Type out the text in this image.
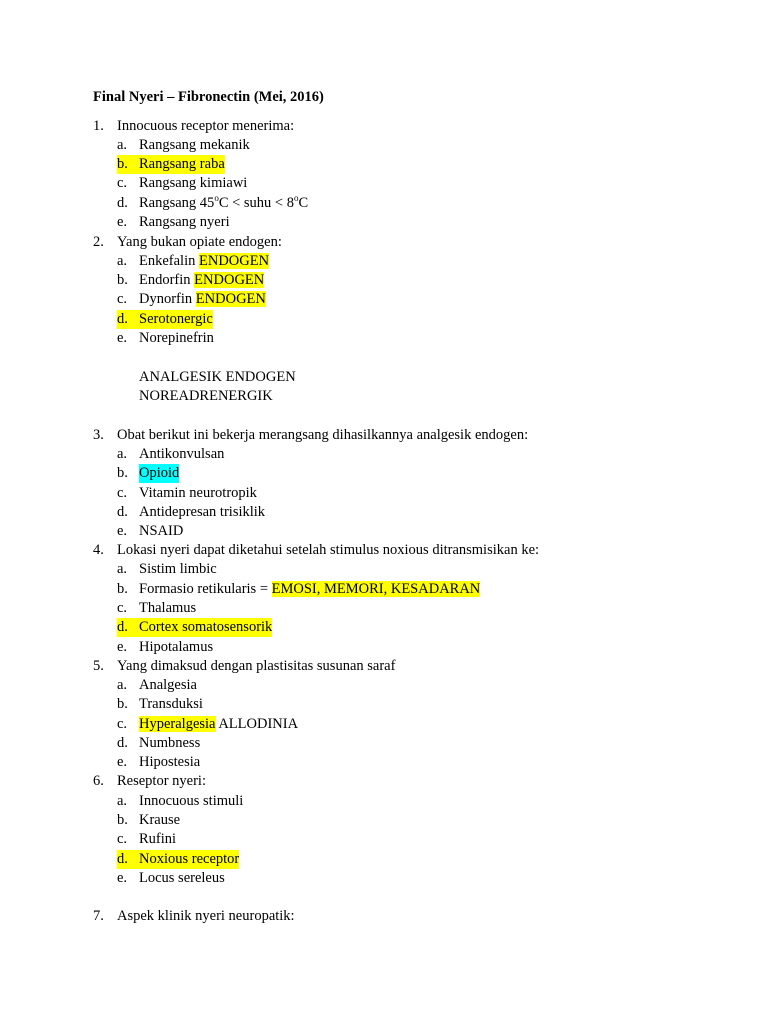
Final Nyeri – Fibronectin (Mei, 2016)
1. Innocuous receptor menerima:
a. Rangsang mekanik
b. Rangsang raba
c. Rangsang kimiawi
d. Rangsang $45^oC$ < suhu < $8^oC$
e. Rangsang nyeri
2. Yang bukan opiate endogen:
a. Enkefalin ENDOGEN
b. Endorfin ENDOGEN
c. Dynorfin ENDOGEN
d. Serotonergic
e. Norepinefrin
ANALGESIK ENDOGEN
NOREADRENERGIK
3. Obat berikut ini bekerja merangsang dihasilkannya analgesik endogen:
a. Antikonvulsan
b. Opioid
c. Vitamin neurotropik
d. Antidepresan trisiklik
e. NSAID
4. Lokasi nyeri dapat diketahui setelah stimulus noxious ditransmisikan ke:
a. Sistim limbic
b. Formasio retikularis = EMOSI, MEMORI, KESADARAN
c. Thalamus
d. Cortex somatosensorik
e. Hipotalamus
5. Yang dimaksud dengan plastisitas susunan saraf
a. Analgesia
b. Transduksi
c. Hyperalgesia ALLODINIA
d. Numbness
e. Hipostesia
6. Reseptor nyeri:
a. Innocuous stimuli
b. Krause
c. Rufini
d. Noxious receptor
e. Locus sereleus
7. Aspek klinik nyeri neuropatik:
